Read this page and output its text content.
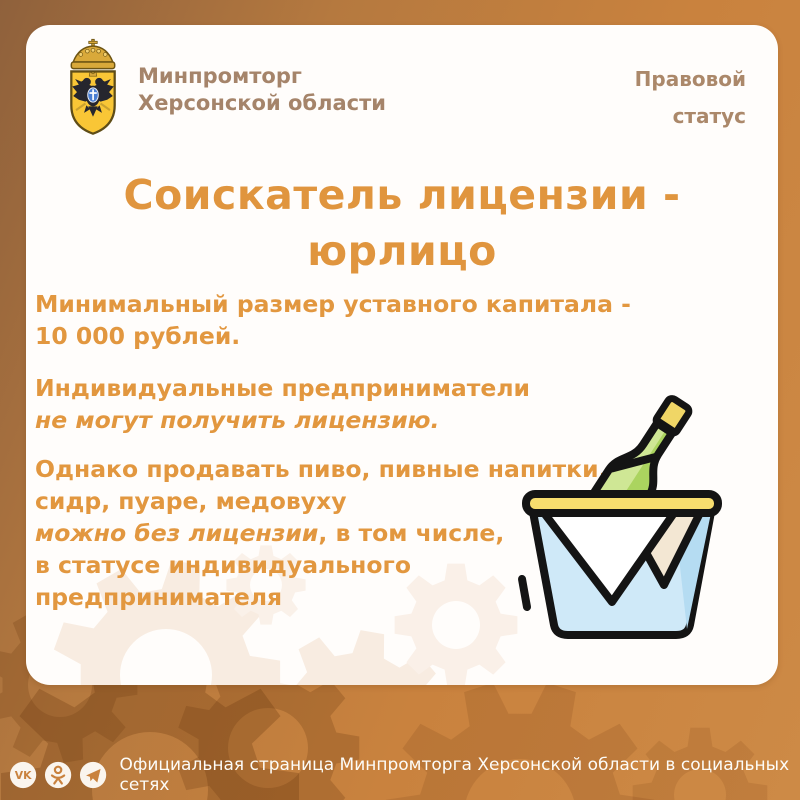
Минпромторг
Херсонской области
Правовой
статус
Соискатель лицензии -
юрлицо
Минимальный размер уставного капитала -
10 000 рублей.
Индивидуальные предприниматели
не могут получить лицензию.
Однако продавать пиво, пивные напитки,
сидр, пуаре, медовуху
можно без лицензии, в том числе,
в статусе индивидуального
предпринимателя
VK
Официальная страница Минпромторга Херсонской области в социальных сетях
